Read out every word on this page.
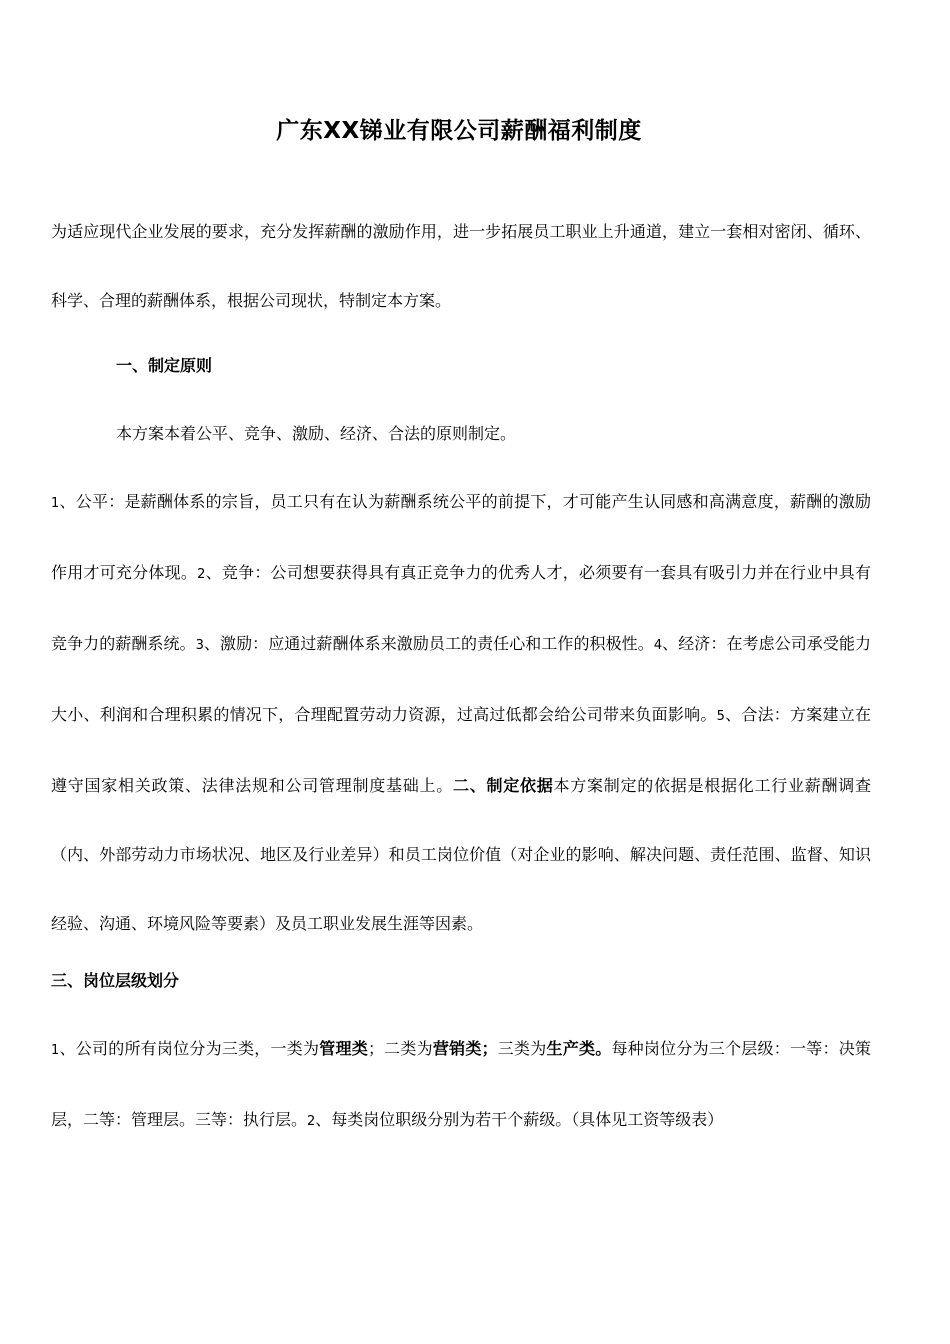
广东XX锑业有限公司薪酬福利制度
为适应现代企业发展的要求，充分发挥薪酬的激励作用，进一步拓展员工职业上升通道，建立一套相对密闭、循环、科学、合理的薪酬体系，根据公司现状，特制定本方案。
一、制定原则
本方案本着公平、竞争、激励、经济、合法的原则制定。
1、公平：是薪酬体系的宗旨，员工只有在认为薪酬系统公平的前提下，才可能产生认同感和高满意度，薪酬的激励作用才可充分体现。2、竞争：公司想要获得具有真正竞争力的优秀人才，必须要有一套具有吸引力并在行业中具有竞争力的薪酬系统。3、激励：应通过薪酬体系来激励员工的责任心和工作的积极性。4、经济：在考虑公司承受能力大小、利润和合理积累的情况下，合理配置劳动力资源，过高过低都会给公司带来负面影响。5、合法：方案建立在遵守国家相关政策、法律法规和公司管理制度基础上。二、制定依据本方案制定的依据是根据化工行业薪酬调查（内、外部劳动力市场状况、地区及行业差异）和员工岗位价值（对企业的影响、解决问题、责任范围、监督、知识经验、沟通、环境风险等要素）及员工职业发展生涯等因素。
三、岗位层级划分
1、公司的所有岗位分为三类，一类为管理类；二类为营销类；三类为生产类。每种岗位分为三个层级：一等：决策层，二等：管理层。三等：执行层。2、每类岗位职级分别为若干个薪级。（具体见工资等级表）
